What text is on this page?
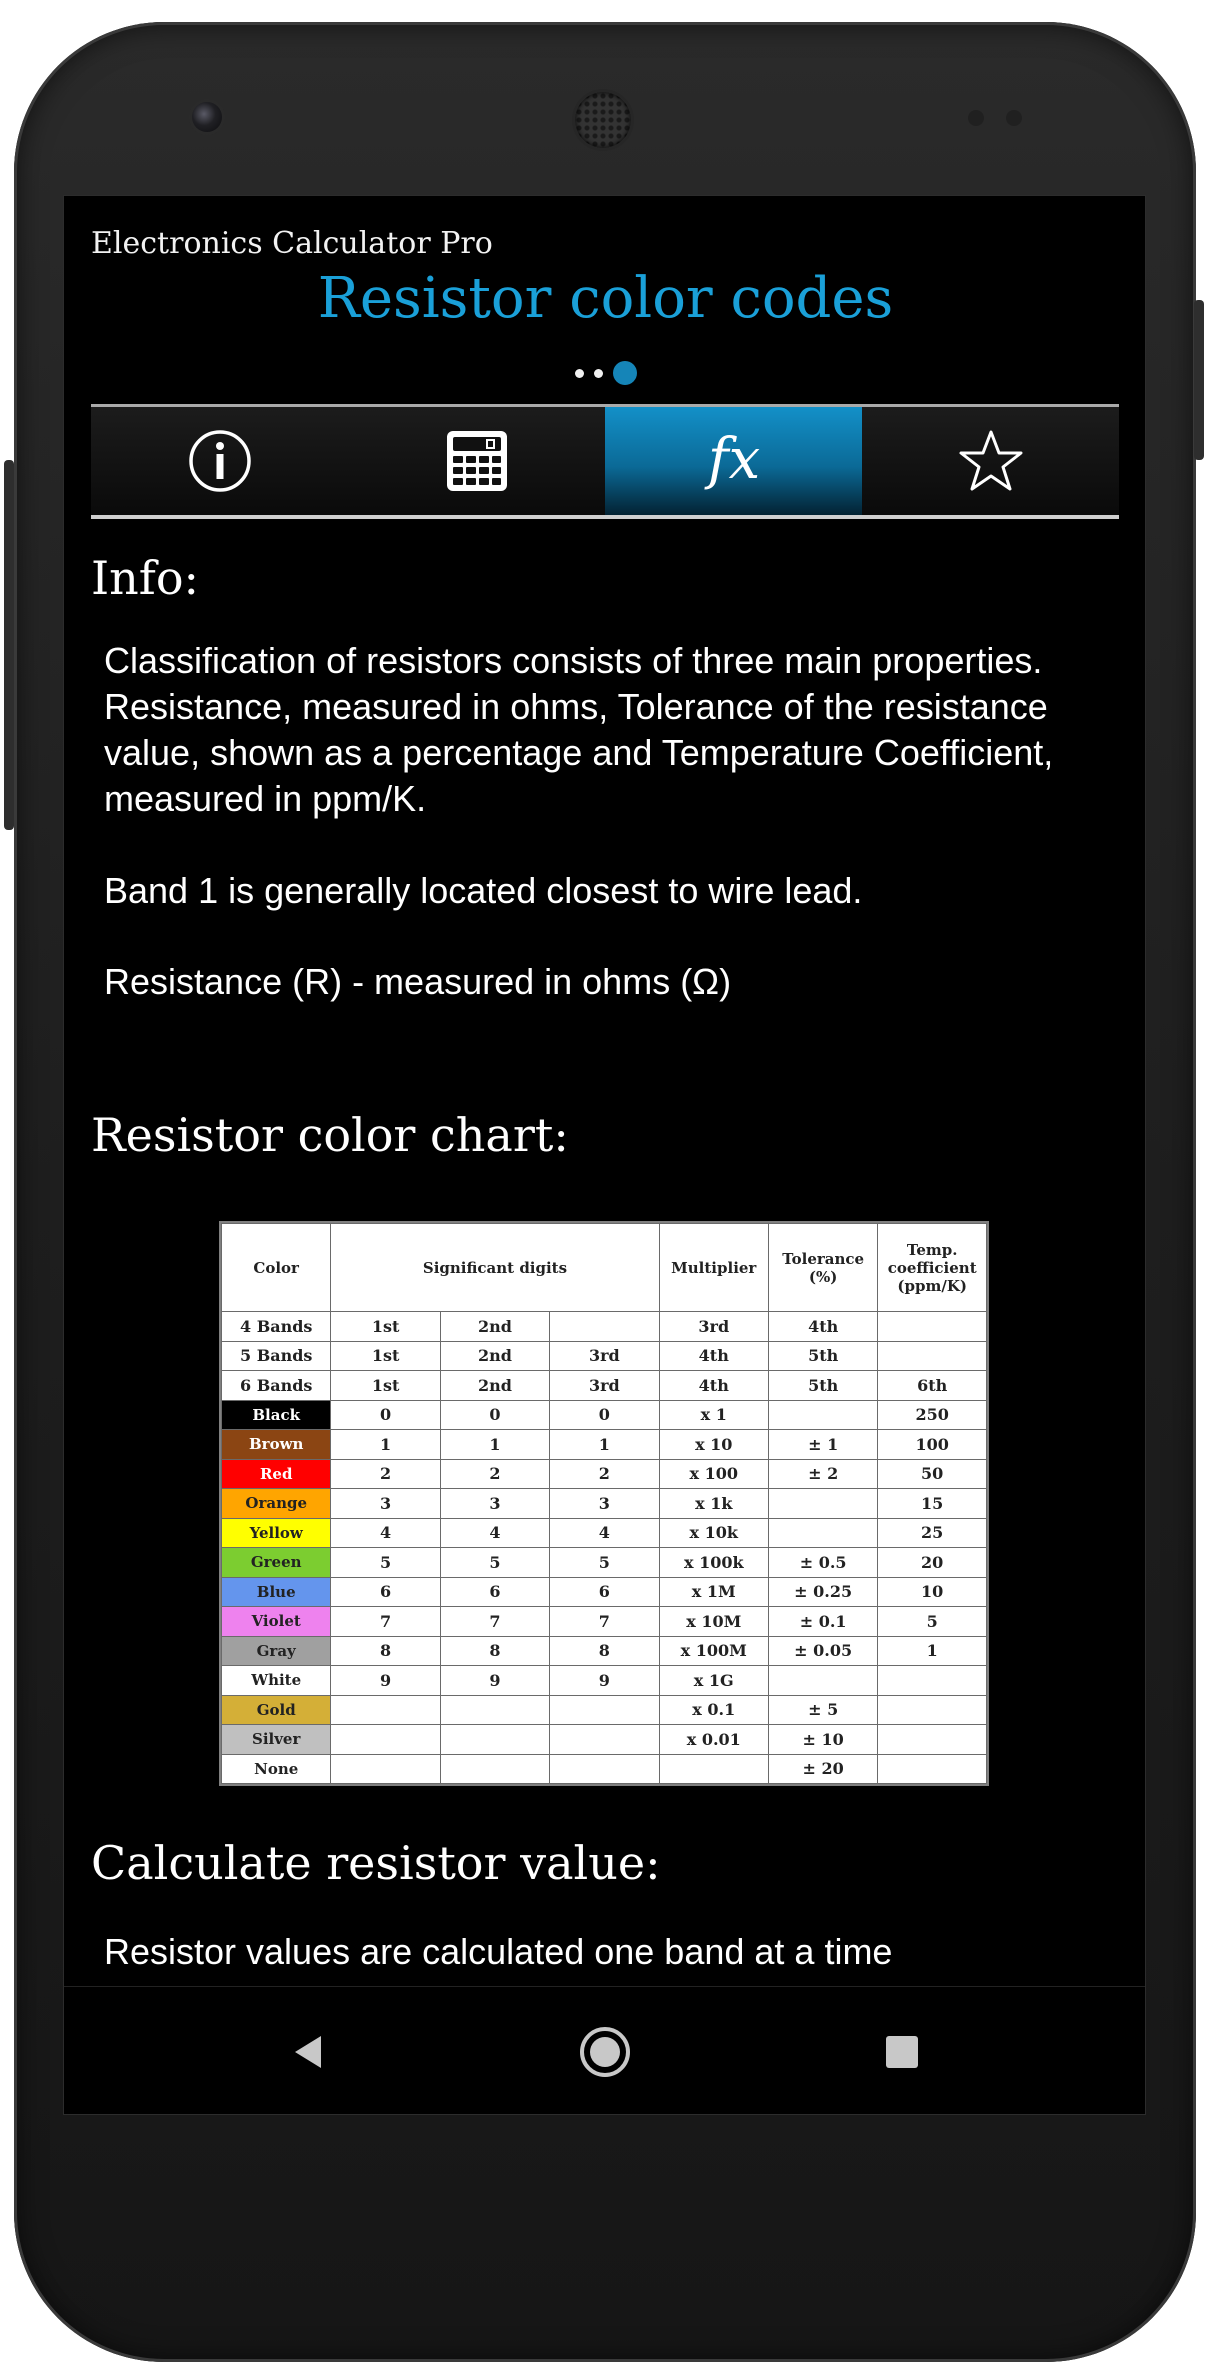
Electronics Calculator Pro
Resistor color codes
fx
Info:
Classification of resistors consists of three main properties. Resistance, measured in ohms, Tolerance of the resistance value, shown as a percentage and Temperature Coefficient, measured in ppm/K.
Band 1 is generally located closest to wire lead.
Resistance (R) - measured in ohms (Ω)
Resistor color chart:
Color	Significant digits			Multiplier	Tolerance (%)	Temp. coefficient (ppm/K)
4 Bands	1st	2nd		3rd	4th	
5 Bands	1st	2nd	3rd	4th	5th	
6 Bands	1st	2nd	3rd	4th	5th	6th
Black	0	0	0	x 1		250
Brown	1	1	1	x 10	± 1	100
Red	2	2	2	x 100	± 2	50
Orange	3	3	3	x 1k		15
Yellow	4	4	4	x 10k		25
Green	5	5	5	x 100k	± 0.5	20
Blue	6	6	6	x 1M	± 0.25	10
Violet	7	7	7	x 10M	± 0.1	5
Gray	8	8	8	x 100M	± 0.05	1
White	9	9	9	x 1G		
Gold				x 0.1	± 5	
Silver				x 0.01	± 10	
None					± 20	
Calculate resistor value:
Resistor values are calculated one band at a time
